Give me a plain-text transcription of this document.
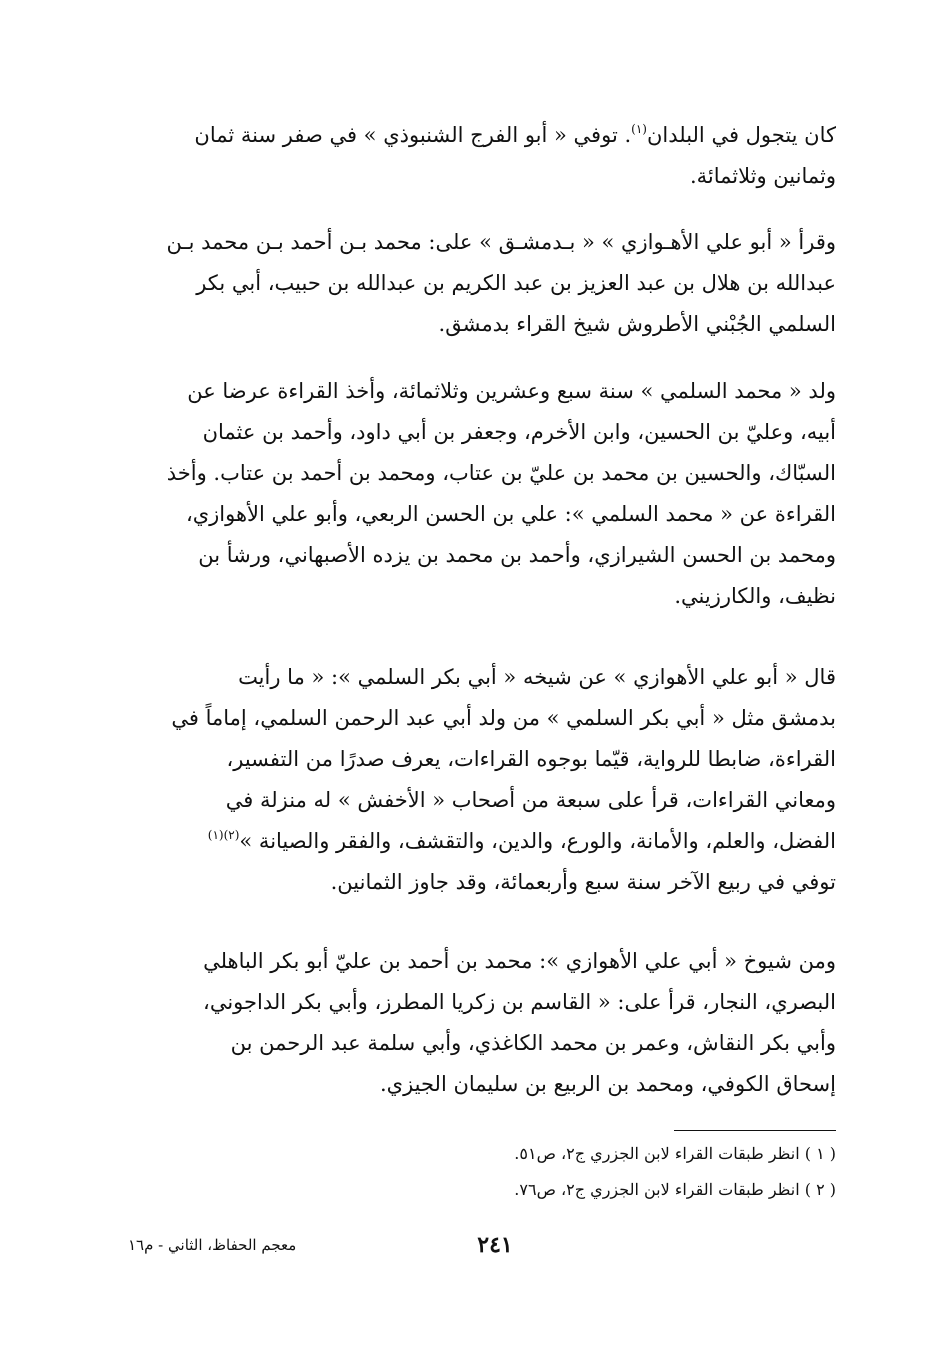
كان يتجول في البلدان$^{(١)}$. توفي « أبو الفرج الشنبوذي » في صفر سنة ثمان
وثمانين وثلاثمائة.

وقرأ « أبو علي الأهـوازي » « بـدمشـق » على: محمد بـن أحمد بـن محمد بـن
عبدالله بن هلال بن عبد العزيز بن عبد الكريم بن عبدالله بن حبيب، أبي بكر
السلمي الجُبْني الأطروش شيخ القراء بدمشق.

ولد « محمد السلمي » سنة سبع وعشرين وثلاثمائة، وأخذ القراءة عرضا عن
أبيه، وعليّ بن الحسين، وابن الأخرم، وجعفر بن أبي داود، وأحمد بن عثمان
السبّاك، والحسين بن محمد بن عليّ بن عتاب، ومحمد بن أحمد بن عتاب. وأخذ
القراءة عن « محمد السلمي »: علي بن الحسن الربعي، وأبو علي الأهوازي،
ومحمد بن الحسن الشيرازي، وأحمد بن محمد بن يزده الأصبهاني، ورشأ بن
نظيف، والكارزيني.

قال « أبو علي الأهوازي » عن شيخه « أبي بكر السلمي »: « ما رأيت
بدمشق مثل « أبي بكر السلمي » من ولد أبي عبد الرحمن السلمي، إماماً في
القراءة، ضابطا للرواية، قيّما بوجوه القراءات، يعرف صدرًا من التفسير،
ومعاني القراءات، قرأ على سبعة من أصحاب « الأخفش » له منزلة في
الفضل، والعلم، والأمانة، والورع، والدين، والتقشف، والفقر والصيانة »$^{(٢)(١)}$
توفي في ربيع الآخر سنة سبع وأربعمائة، وقد جاوز الثمانين.

ومن شيوخ « أبي علي الأهوازي »: محمد بن أحمد بن عليّ أبو بكر الباهلي
البصري، النجار، قرأ على: « القاسم بن زكريا المطرز، وأبي بكر الداجوني،
وأبي بكر النقاش، وعمر بن محمد الكاغذي، وأبي سلمة عبد الرحمن بن
إسحاق الكوفي، ومحمد بن الربيع بن سليمان الجيزي.

( ١ ) انظر طبقات القراء لابن الجزري ج٢، ص٥١.
( ٢ ) انظر طبقات القراء لابن الجزري ج٢، ص٧٦.
٢٤١
معجم الحفاظ، الثاني - م١٦
